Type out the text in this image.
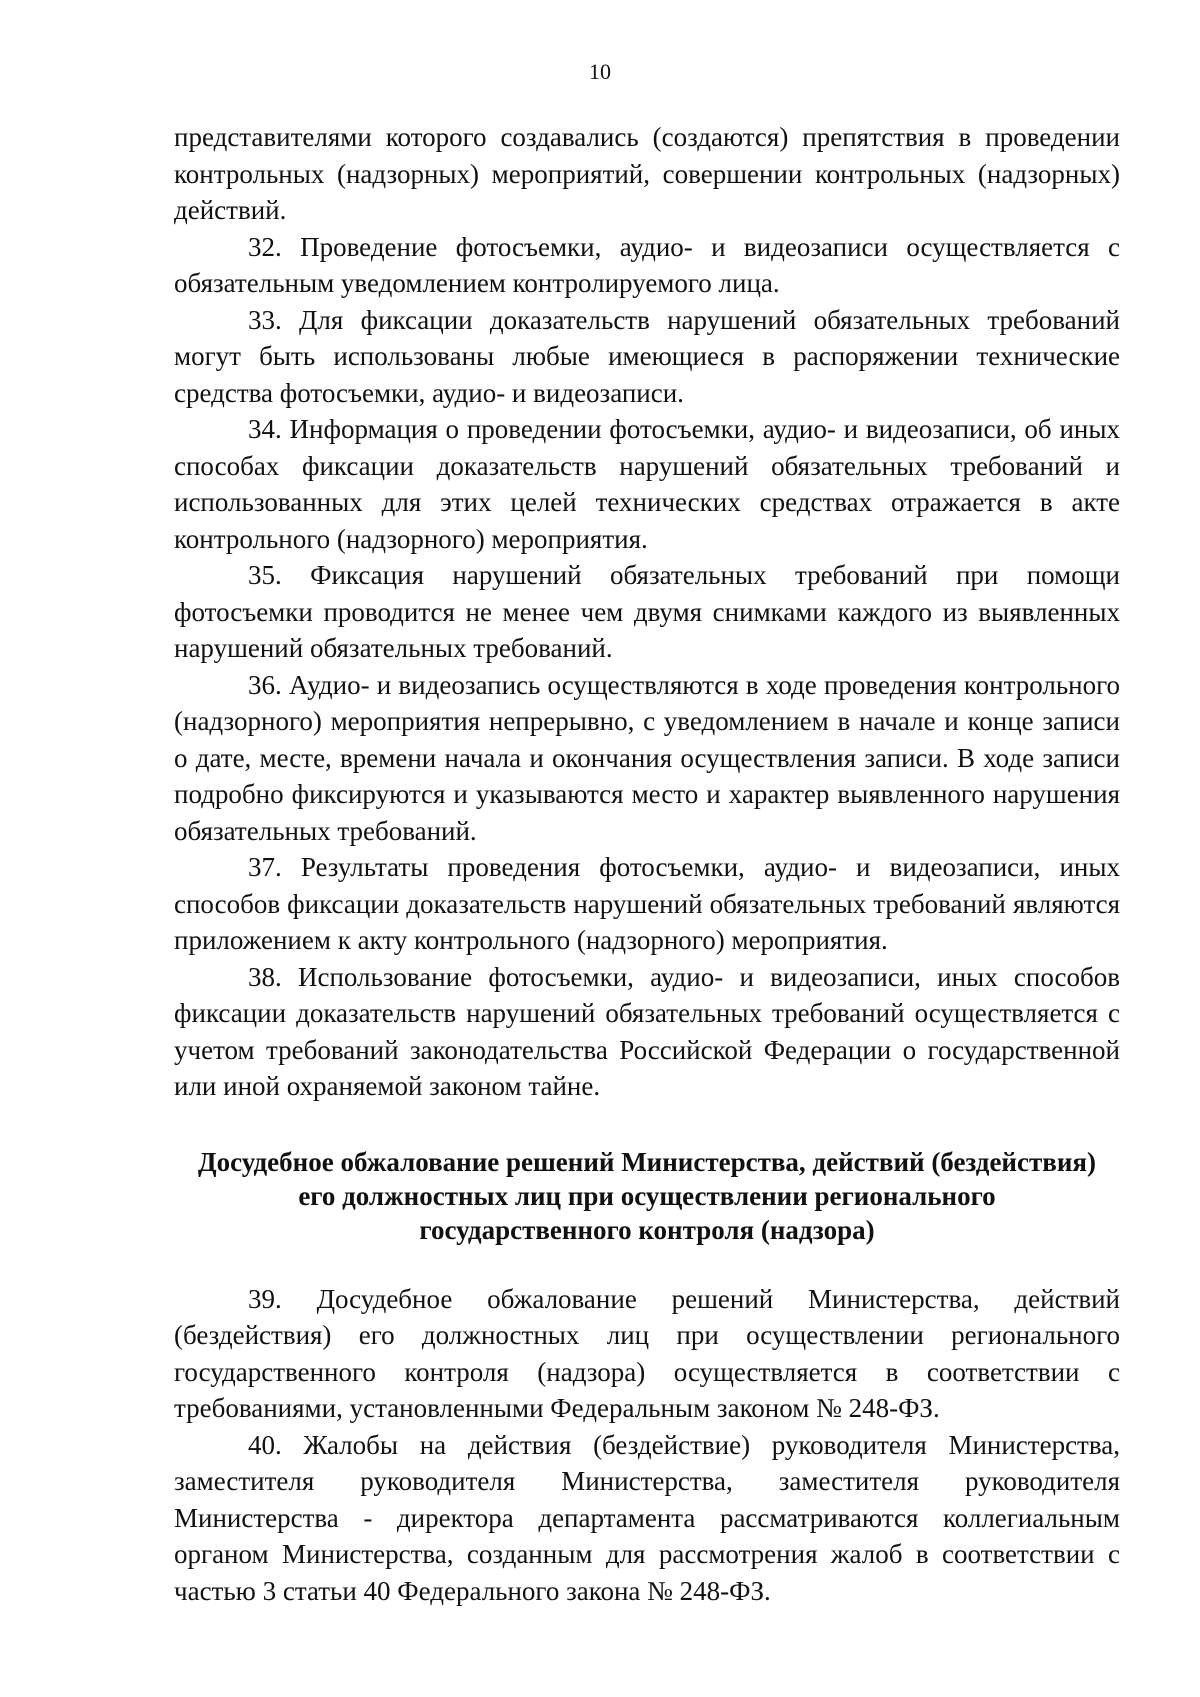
10

представителями которого создавались (создаются) препятствия в проведении контрольных (надзорных) мероприятий, совершении контрольных (надзорных) действий.

32. Проведение фотосъемки, аудио- и видеозаписи осуществляется с обязательным уведомлением контролируемого лица.

33. Для фиксации доказательств нарушений обязательных требований могут быть использованы любые имеющиеся в распоряжении технические средства фотосъемки, аудио- и видеозаписи.

34. Информация о проведении фотосъемки, аудио- и видеозаписи, об иных способах фиксации доказательств нарушений обязательных требований и использованных для этих целей технических средствах отражается в акте контрольного (надзорного) мероприятия.

35. Фиксация нарушений обязательных требований при помощи фотосъемки проводится не менее чем двумя снимками каждого из выявленных нарушений обязательных требований.

36. Аудио- и видеозапись осуществляются в ходе проведения контрольного (надзорного) мероприятия непрерывно, с уведомлением в начале и конце записи о дате, месте, времени начала и окончания осуществления записи. В ходе записи подробно фиксируются и указываются место и характер выявленного нарушения обязательных требований.

37. Результаты проведения фотосъемки, аудио- и видеозаписи, иных способов фиксации доказательств нарушений обязательных требований являются приложением к акту контрольного (надзорного) мероприятия.

38. Использование фотосъемки, аудио- и видеозаписи, иных способов фиксации доказательств нарушений обязательных требований осуществляется с учетом требований законодательства Российской Федерации о государственной или иной охраняемой законом тайне.

Досудебное обжалование решений Министерства, действий (бездействия)
его должностных лиц при осуществлении регионального
государственного контроля (надзора)

39. Досудебное обжалование решений Министерства, действий (бездействия) его должностных лиц при осуществлении регионального государственного контроля (надзора) осуществляется в соответствии с требованиями, установленными Федеральным законом № 248-ФЗ.

40. Жалобы на действия (бездействие) руководителя Министерства, заместителя руководителя Министерства, заместителя руководителя Министерства - директора департамента рассматриваются коллегиальным органом Министерства, созданным для рассмотрения жалоб в соответствии с частью 3 статьи 40 Федерального закона № 248-ФЗ.
